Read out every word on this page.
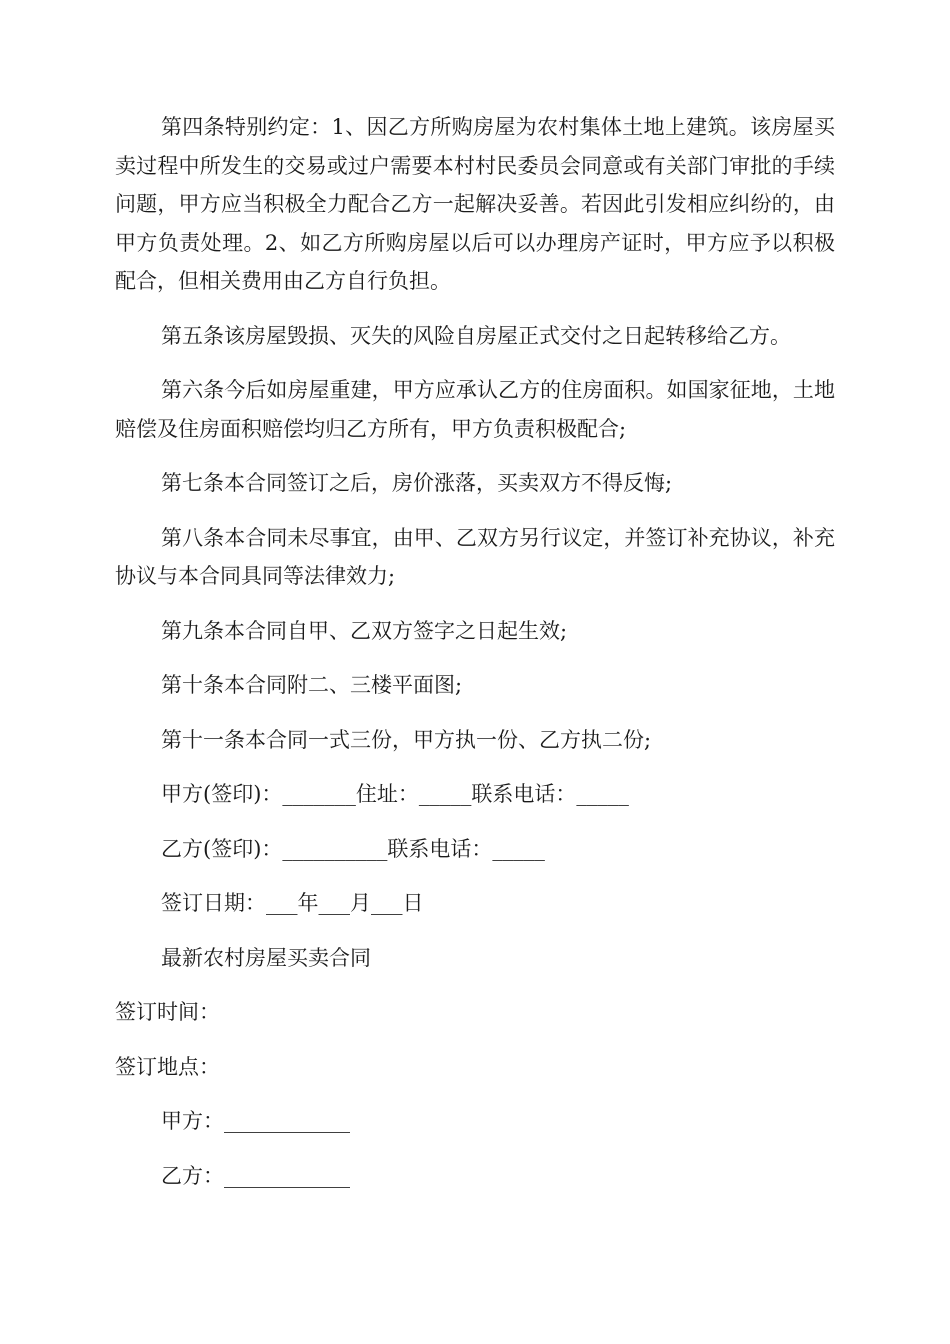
第四条特别约定：1、因乙方所购房屋为农村集体土地上建筑。该房屋买卖过程中所发生的交易或过户需要本村村民委员会同意或有关部门审批的手续问题，甲方应当积极全力配合乙方一起解决妥善。若因此引发相应纠纷的，由甲方负责处理。2、如乙方所购房屋以后可以办理房产证时，甲方应予以积极配合，但相关费用由乙方自行负担。

第五条该房屋毁损、灭失的风险自房屋正式交付之日起转移给乙方。

第六条今后如房屋重建，甲方应承认乙方的住房面积。如国家征地，土地赔偿及住房面积赔偿均归乙方所有，甲方负责积极配合;

第七条本合同签订之后，房价涨落，买卖双方不得反悔;

第八条本合同未尽事宜，由甲、乙双方另行议定，并签订补充协议，补充协议与本合同具同等法律效力;

第九条本合同自甲、乙双方签字之日起生效;

第十条本合同附二、三楼平面图;

第十一条本合同一式三份，甲方执一份、乙方执二份;

甲方(签印)：_______住址：_____联系电话：_____

乙方(签印)：__________联系电话：_____

签订日期：___年___月___日

最新农村房屋买卖合同

签订时间：

签订地点：

甲方：____________

乙方：____________
